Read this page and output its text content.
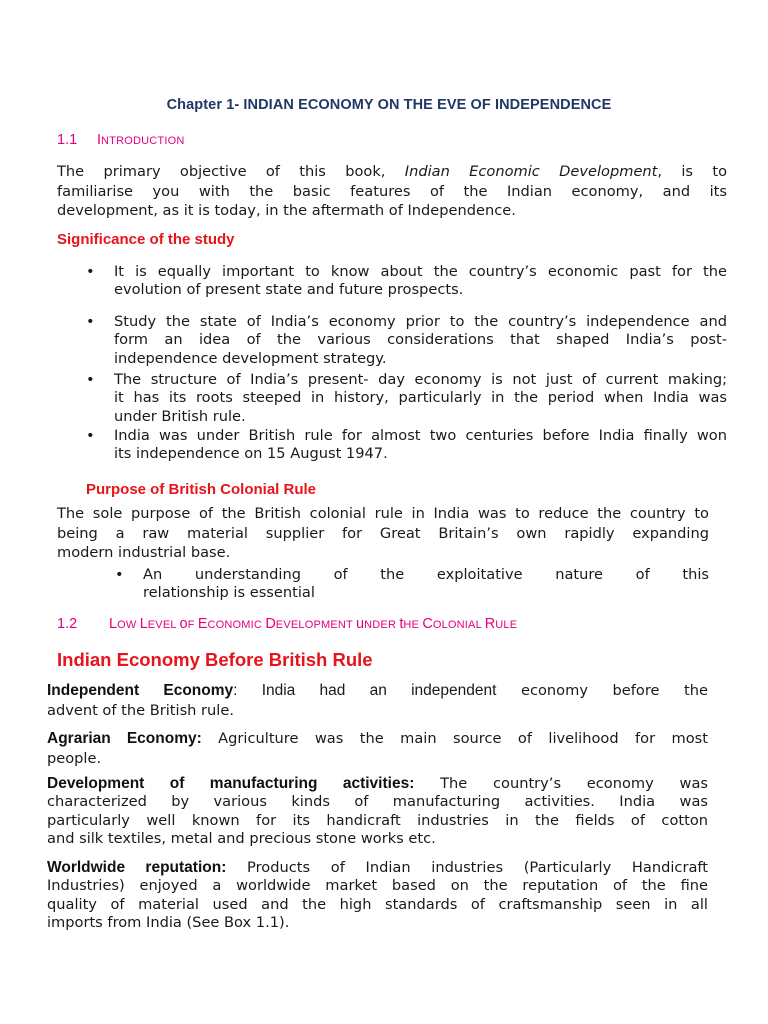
Chapter 1- INDIAN ECONOMY ON THE EVE OF INDEPENDENCE
1.1 INTRODUCTION
The primary objective of this book, Indian Economic Development, is to
familiarise you with the basic features of the Indian economy, and its
development, as it is today, in the aftermath of Independence.
Significance of the study
• It is equally important to know about the country’s economic past for the
evolution of present state and future prospects.
• Study the state of India’s economy prior to the country’s independence and
form an idea of the various considerations that shaped India’s post-
independence development strategy.
• The structure of India’s present- day economy is not just of current making;
it has its roots steeped in history, particularly in the period when India was
under British rule.
• India was under British rule for almost two centuries before India finally won
its independence on 15 August 1947.
Purpose of British Colonial Rule
The sole purpose of the British colonial rule in India was to reduce the country to
being a raw material supplier for Great Britain’s own rapidly expanding
modern industrial base.
• An understanding of the exploitative nature of this
relationship is essential
1.2 LOW LEVEL oF ECONOMIC DEVELOPMENT uNDER tHE COLONIAL RULE
Indian Economy Before British Rule
Independent Economy: India had an independent economy before the
advent of the British rule.
Agrarian Economy: Agriculture was the main source of livelihood for most
people.
Development of manufacturing activities: The country’s economy was
characterized by various kinds of manufacturing activities. India was
particularly well known for its handicraft industries in the fields of cotton
and silk textiles, metal and precious stone works etc.
Worldwide reputation: Products of Indian industries (Particularly Handicraft
Industries) enjoyed a worldwide market based on the reputation of the fine
quality of material used and the high standards of craftsmanship seen in all
imports from India (See Box 1.1).
